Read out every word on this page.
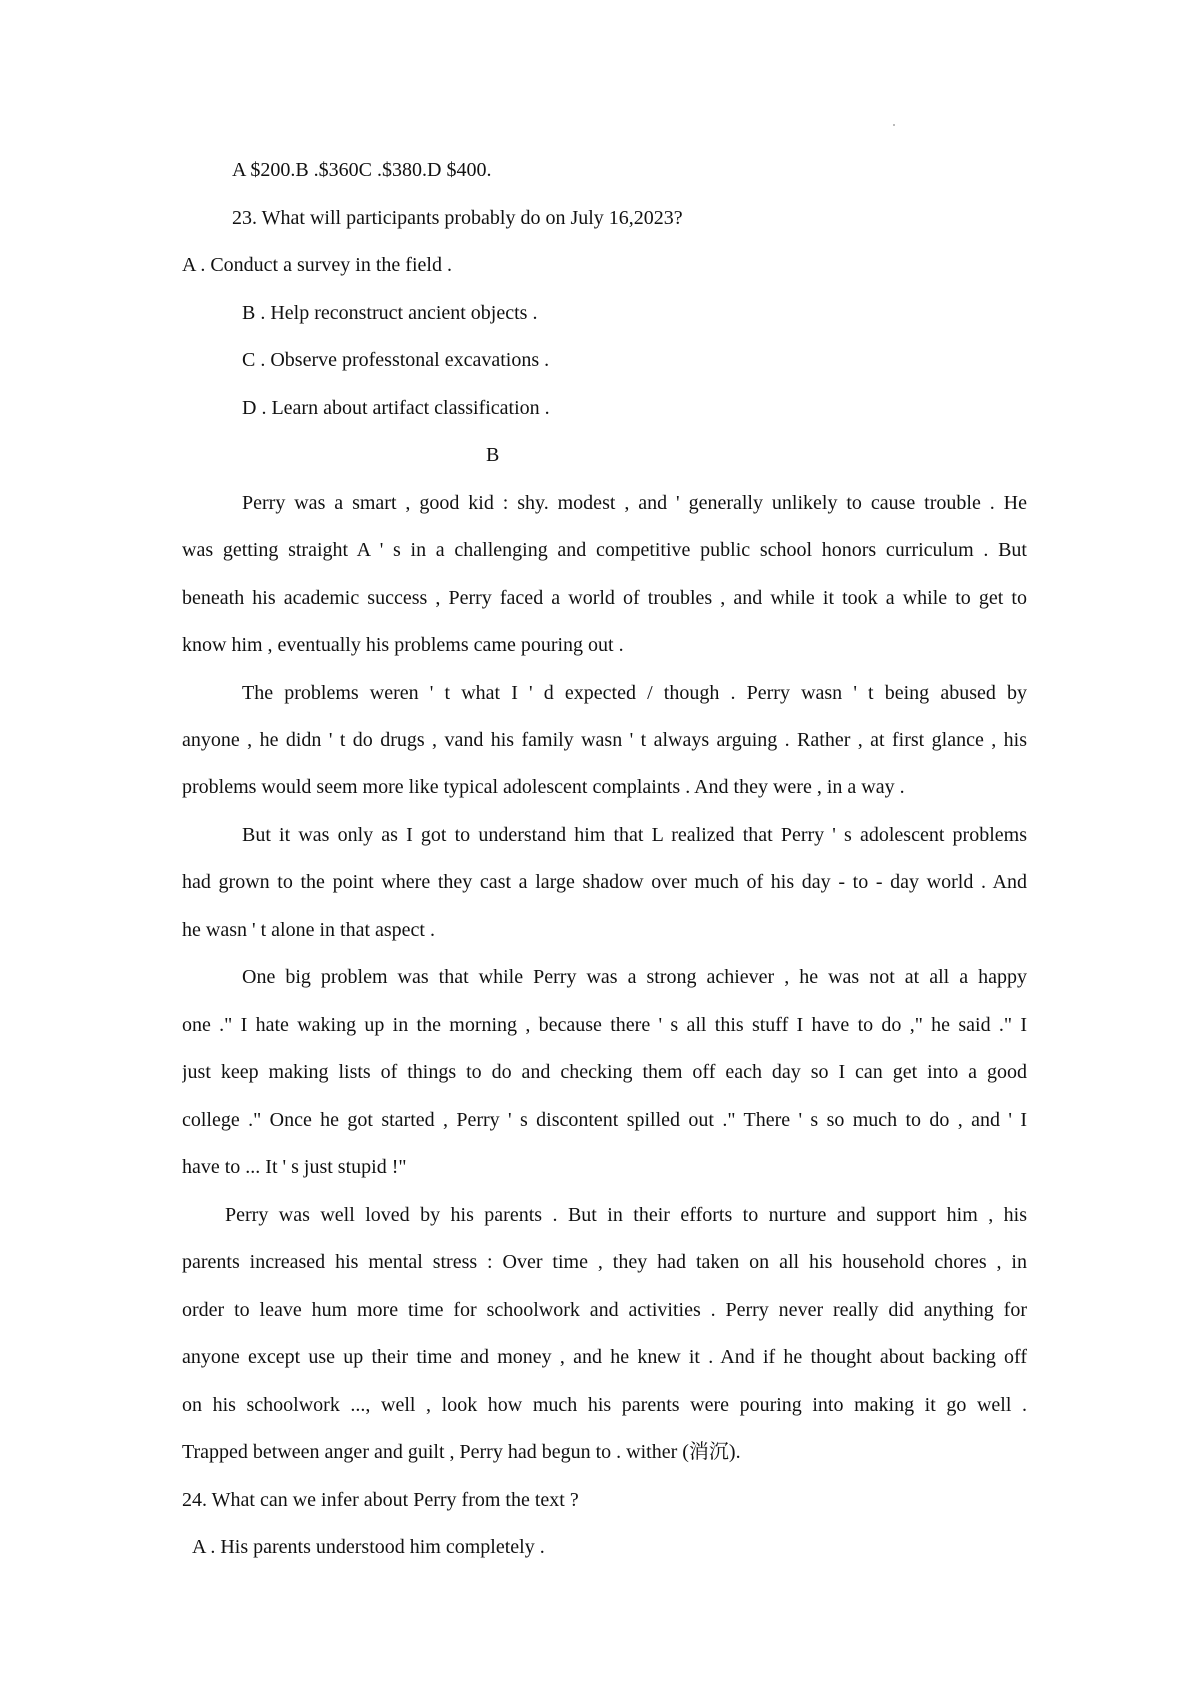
A $200.B .$360C .$380.D $400.
23. What will participants probably do on July 16,2023?
A . Conduct a survey in the field .
B . Help reconstruct ancient objects .
C . Observe professtonal excavations .
D . Learn about artifact classification .
B
Perry was a smart , good kid : shy. modest , and ' generally unlikely to cause trouble . He
was getting straight A ' s in a challenging and competitive public school honors curriculum . But
beneath his academic success , Perry faced a world of troubles , and while it took a while to get to
know him , eventually his problems came pouring out .
The problems weren ' t what I ' d expected / though . Perry wasn ' t being abused by
anyone , he didn ' t do drugs , vand his family wasn ' t always arguing . Rather , at first glance , his
problems would seem more like typical adolescent complaints . And they were , in a way .
But it was only as I got to understand him that L realized that Perry ' s adolescent problems
had grown to the point where they cast a large shadow over much of his day - to - day world . And
he wasn ' t alone in that aspect .
One big problem was that while Perry was a strong achiever , he was not at all a happy
one ." I hate waking up in the morning , because there ' s all this stuff I have to do ," he said ." I
just keep making lists of things to do and checking them off each day so I can get into a good
college ." Once he got started , Perry ' s discontent spilled out ." There ' s so much to do , and ' I
have to ... It ' s just stupid !"
Perry was well loved by his parents . But in their efforts to nurture and support him , his
parents increased his mental stress : Over time , they had taken on all his household chores , in
order to leave hum more time for schoolwork and activities . Perry never really did anything for
anyone except use up their time and money , and he knew it . And if he thought about backing off
on his schoolwork ..., well , look how much his parents were pouring into making it go well .
Trapped between anger and guilt , Perry had begun to . wither (消沉).
24. What can we infer about Perry from the text ?
A . His parents understood him completely .
